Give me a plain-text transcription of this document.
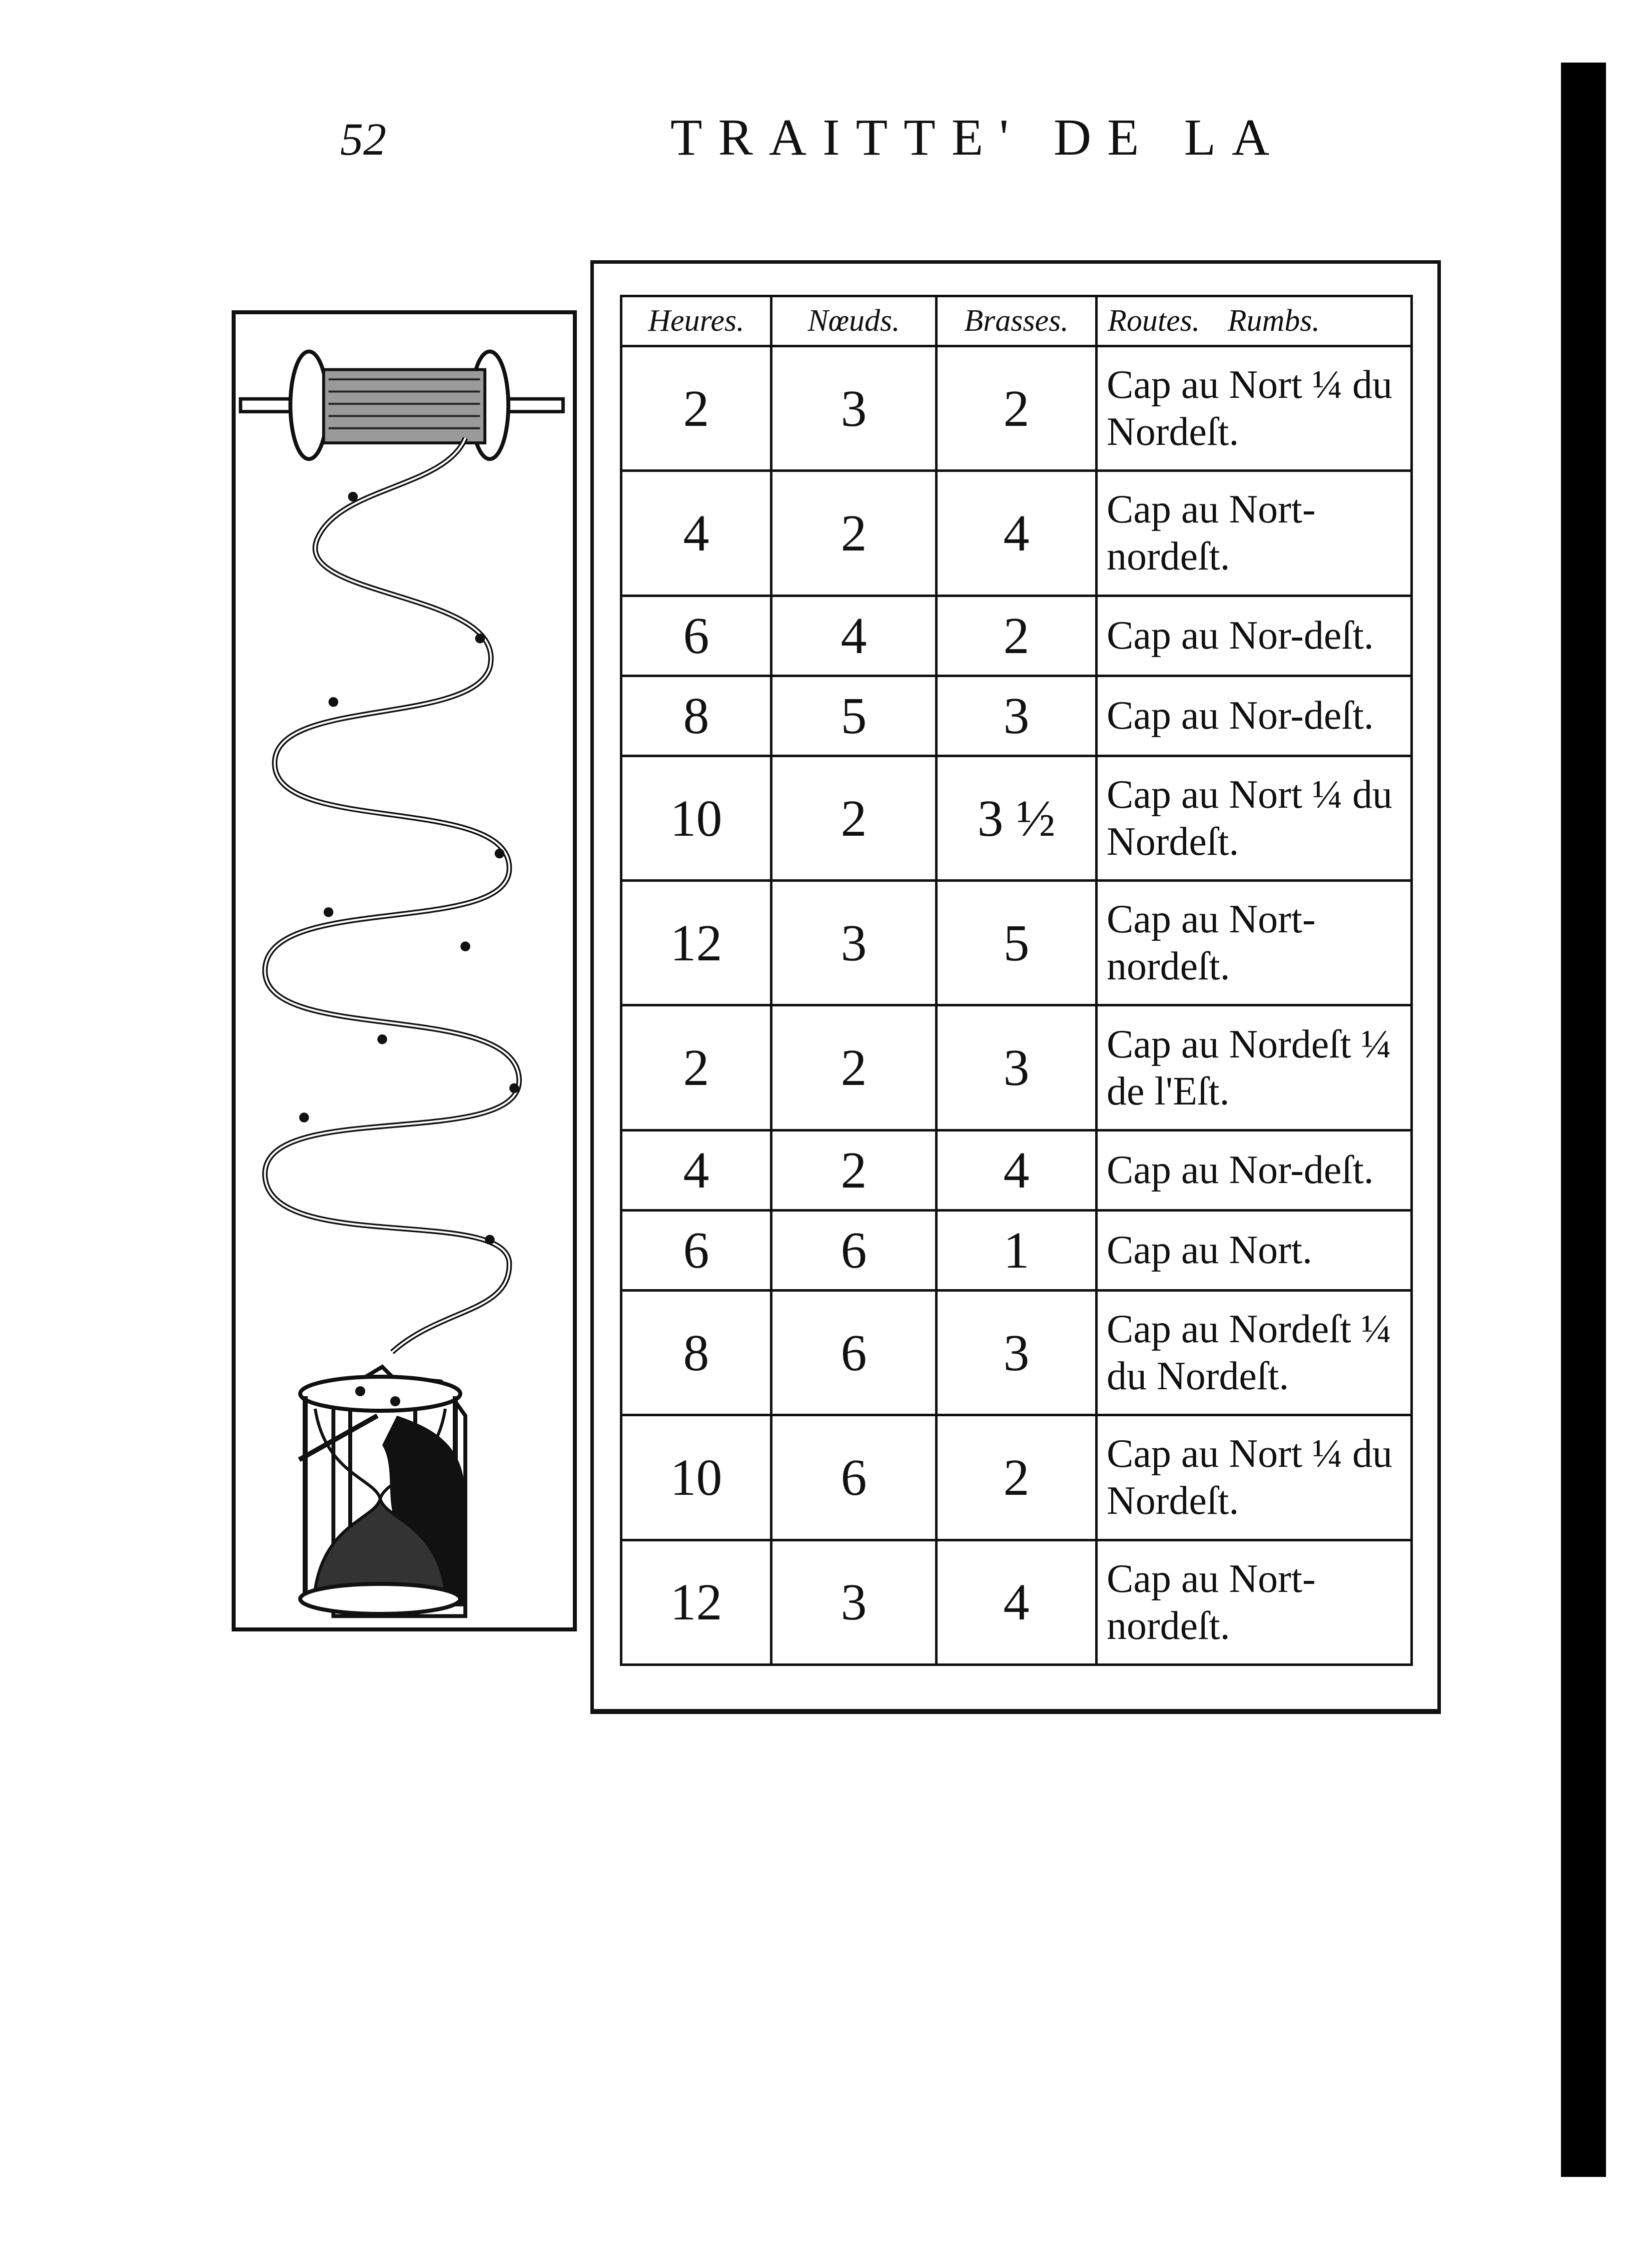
52	TRAITTE' DE LA
Heures.	Nœuds.	Brasses.	Routes. Rumbs.
2	3	2	Cap au Nort ¼ du Nordeſt.
4	2	4	Cap au Nort-nordeſt.
6	4	2	Cap au Nor-deſt.
8	5	3	Cap au Nor-deſt.
10	2	3 ½	Cap au Nort ¼ du Nordeſt.
12	3	5	Cap au Nort-nordeſt.
2	2	3	Cap au Nordeſt ¼ de l'Eſt.
4	2	4	Cap au Nor-deſt.
6	6	1	Cap au Nort.
8	6	3	Cap au Nordeſt ¼ du Nordeſt.
10	6	2	Cap au Nort ¼ du Nordeſt.
12	3	4	Cap au Nort-nordeſt.
